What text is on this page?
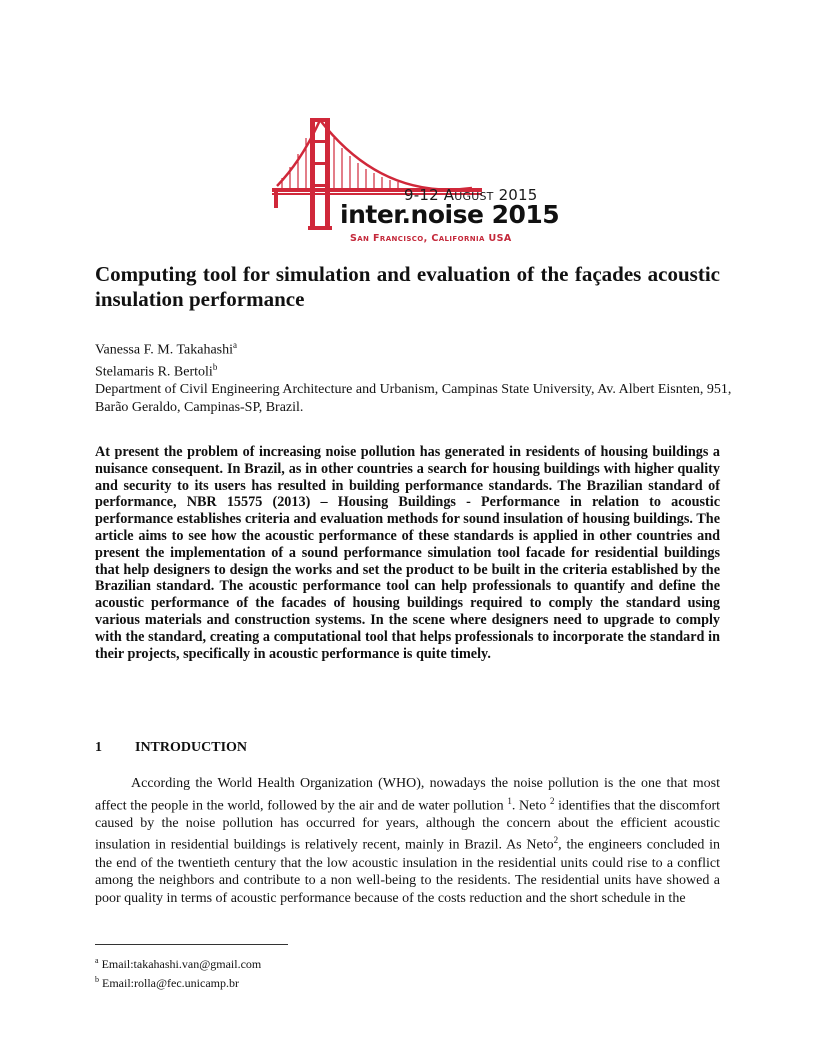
9-12 August 2015
inter.noise 2015
San Francisco, California USA
Computing tool for simulation and evaluation of the façades acoustic insulation performance
Vanessa F. M. Takahashi$^a$
Stelamaris R. Bertoli$^b$
Department of Civil Engineering Architecture and Urbanism, Campinas State University, Av. Albert Eisnten, 951, Barão Geraldo, Campinas-SP, Brazil.
At present the problem of increasing noise pollution has generated in residents of housing buildings a nuisance consequent. In Brazil, as in other countries a search for housing buildings with higher quality and security to its users has resulted in building performance standards. The Brazilian standard of performance, NBR 15575 (2013) – Housing Buildings - Performance in relation to acoustic performance establishes criteria and evaluation methods for sound insulation of housing buildings. The article aims to see how the acoustic performance of these standards is applied in other countries and present the implementation of a sound performance simulation tool facade for residential buildings that help designers to design the works and set the product to be built in the criteria established by the Brazilian standard. The acoustic performance tool can help professionals to quantify and define the acoustic performance of the facades of housing buildings required to comply the standard using various materials and construction systems. In the scene where designers need to upgrade to comply with the standard, creating a computational tool that helps professionals to incorporate the standard in their projects, specifically in acoustic performance is quite timely.
1 INTRODUCTION
According the World Health Organization (WHO), nowadays the noise pollution is the one that most affect the people in the world, followed by the air and de water pollution $^1$. Neto $^2$ identifies that the discomfort caused by the noise pollution has occurred for years, although the concern about the efficient acoustic insulation in residential buildings is relatively recent, mainly in Brazil. As Neto$^2$, the engineers concluded in the end of the twentieth century that the low acoustic insulation in the residential units could rise to a conflict among the neighbors and contribute to a non well-being to the residents. The residential units have showed a poor quality in terms of acoustic performance because of the costs reduction and the short schedule in the
$^a$ Email:takahashi.van@gmail.com
$^b$ Email:rolla@fec.unicamp.br
